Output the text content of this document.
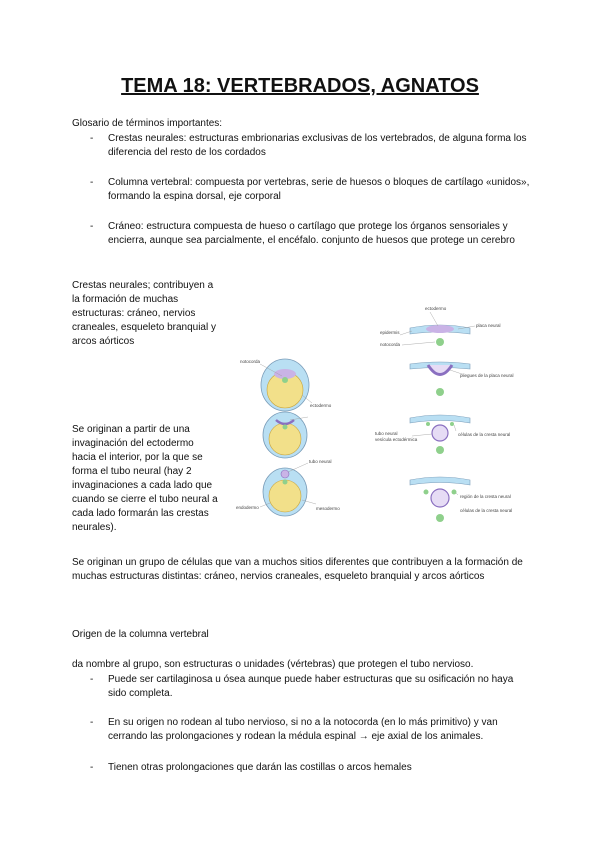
TEMA 18: VERTEBRADOS, AGNATOS
Glosario de términos importantes:
- Crestas neurales: estructuras embrionarias exclusivas de los vertebrados, de alguna forma los diferencia del resto de los cordados
- Columna vertebral: compuesta por vertebras, serie de huesos o bloques de cartílago «unidos», formando la espina dorsal, eje corporal
- Cráneo: estructura compuesta de hueso o cartílago que protege los órganos sensoriales y encierra, aunque sea parcialmente, el encéfalo. conjunto de huesos que protege un cerebro
Crestas neurales; contribuyen a la formación de muchas estructuras: cráneo, nervios craneales, esqueleto branquial y arcos aórticos
Se originan a partir de una invaginación del ectodermo hacia el interior, por la que se forma el tubo neural (hay 2 invaginaciones a cada lado que cuando se cierre el tubo neural a cada lado formarán las crestas neurales).
Se originan un grupo de células que van a muchos sitios diferentes que contribuyen a la formación de muchas estructuras distintas: cráneo, nervios craneales, esqueleto branquial y arcos aórticos
notocorda
ectodermo
tubo neural
mesodermo
endodermo
ectodermo
placa neural
epidermis
notocorda
pliegues de la placa neural
tubo neural
vesícula ectodérmica
células de la cresta neural
región de la cresta neural
células de la cresta neural
Origen de la columna vertebral
da nombre al grupo, son estructuras o unidades (vértebras) que protegen el tubo nervioso.
- Puede ser cartilaginosa u ósea aunque puede haber estructuras que su osificación no haya sido completa.
- En su origen no rodean al tubo nervioso, si no a la notocorda (en lo más primitivo) y van cerrando las prolongaciones y rodean la médula espinal → eje axial de los animales.
- Tienen otras prolongaciones que darán las costillas o arcos hemales
